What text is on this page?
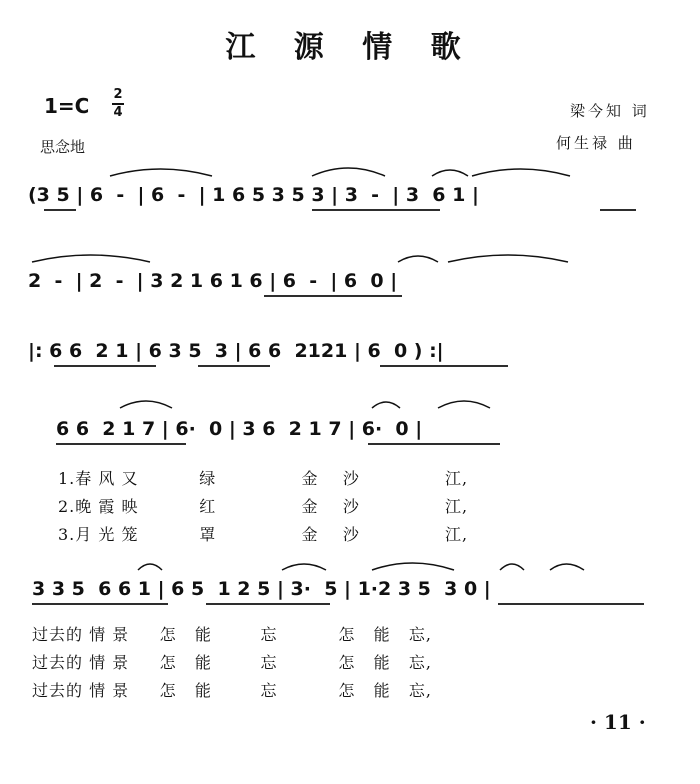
江 源 情 歌
1=C 2
4
思念地
梁今知 词
何生禄 曲
(3 5 | 6  -  | 6  -  | 1 6 5 3 5 3 | 3  -  | 3  6 1 |
2  -  | 2  -  | 3 2 1 6 1 6 | 6  -  | 6  0 |
|: 6 6  2 1 | 6 3 5  3 | 6 6  2121 | 6  0 ) :|
6 6  2 1 7 | 6·  0 | 3 6  2 1 7 | 6·  0 |
1.春 风 又          绿              金    沙              江,
2.晚 霞 映          红              金    沙              江,
3.月 光 笼          罩              金    沙              江,
3 3 5  6 6 1 | 6 5  1 2 5 | 3·  5 | 1·2 3 5  3 0 |
过去的 情 景     怎   能        忘          怎   能   忘,
过去的 情 景     怎   能        忘          怎   能   忘,
过去的 情 景     怎   能        忘          怎   能   忘,
· 11 ·
